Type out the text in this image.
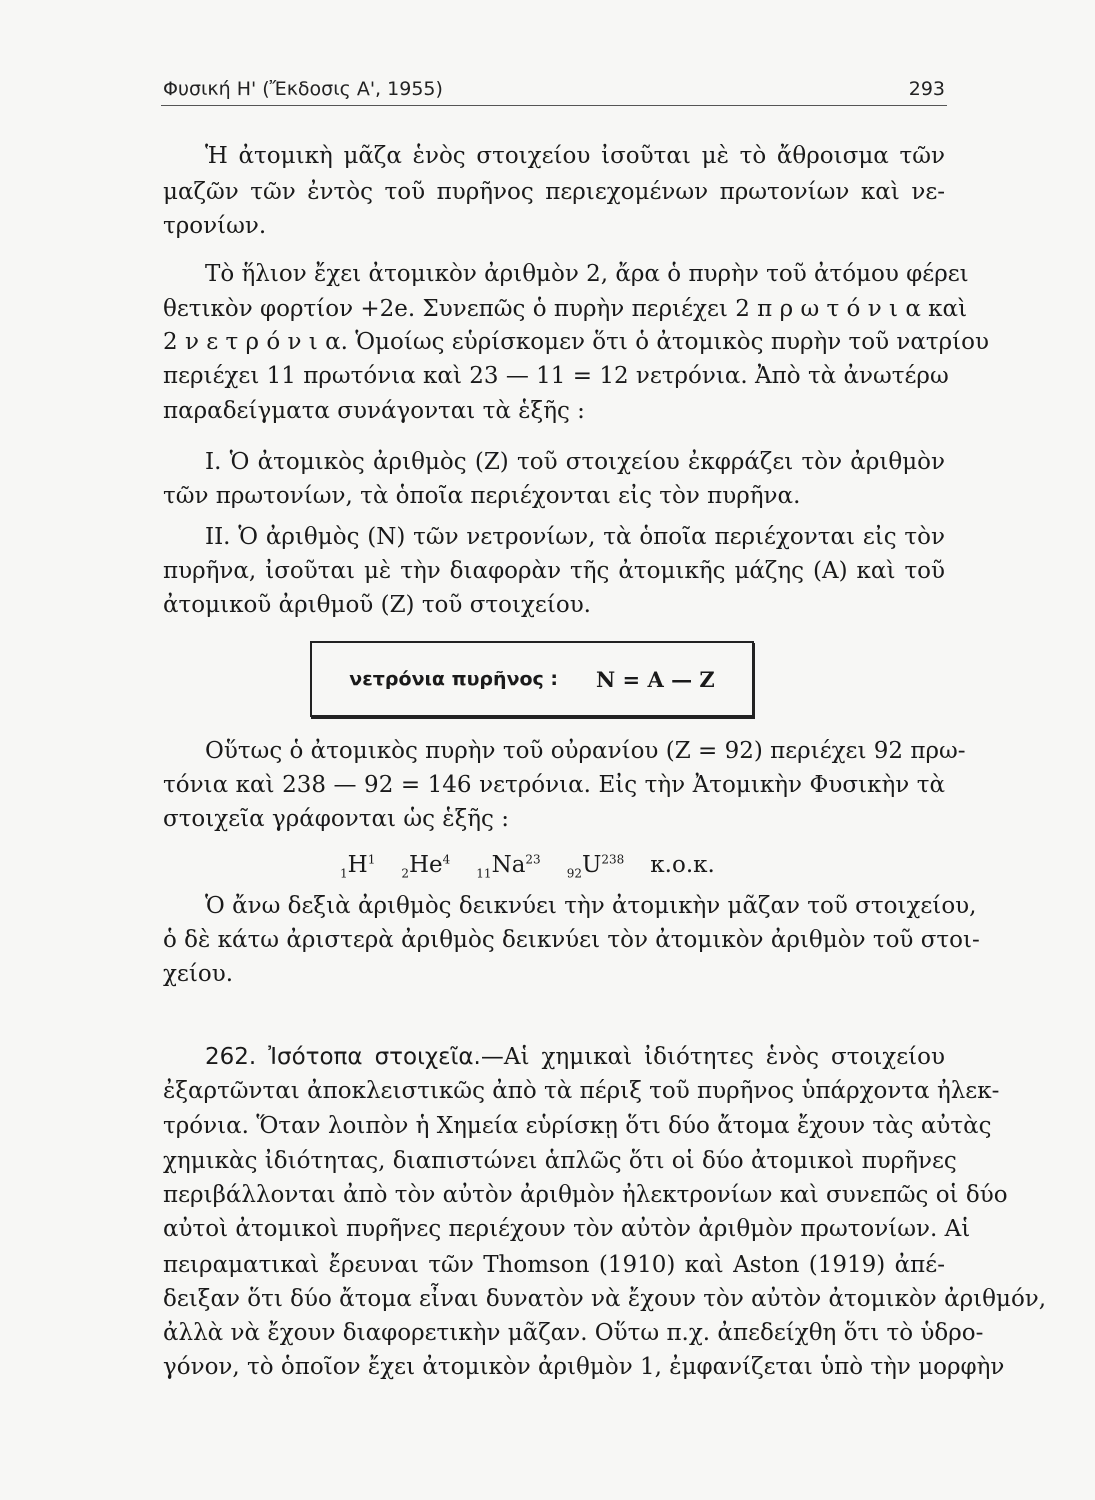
Φυσική Η' (Ἔκδοσις Α', 1955)	293
Ἡ ἀτομικὴ μᾶζα ἑνὸς στοιχείου ἰσοῦται μὲ τὸ ἄθροισμα τῶν
μαζῶν τῶν ἐντὸς τοῦ πυρῆνος περιεχομένων πρωτονίων καὶ νε-
τρονίων.
Τὸ ἥλιον ἔχει ἀτομικὸν ἀριθμὸν 2, ἄρα ὁ πυρὴν τοῦ ἀτόμου φέρει
θετικὸν φορτίον +2e. Συνεπῶς ὁ πυρὴν περιέχει 2 π ρ ω τ ό ν ι α καὶ
2 ν ε τ ρ ό ν ι α. Ὁμοίως εὑρίσκομεν ὅτι ὁ ἀτομικὸς πυρὴν τοῦ νατρίου
περιέχει 11 πρωτόνια καὶ 23 — 11 = 12 νετρόνια. Ἀπὸ τὰ ἀνωτέρω
παραδείγματα συνάγονται τὰ ἑξῆς :
I. Ὁ ἀτομικὸς ἀριθμὸς (Z) τοῦ στοιχείου ἐκφράζει τὸν ἀριθμὸν
τῶν πρωτονίων, τὰ ὁποῖα περιέχονται εἰς τὸν πυρῆνα.
II. Ὁ ἀριθμὸς (N) τῶν νετρονίων, τὰ ὁποῖα περιέχονται εἰς τὸν
πυρῆνα, ἰσοῦται μὲ τὴν διαφορὰν τῆς ἀτομικῆς μάζης (A) καὶ τοῦ
ἀτομικοῦ ἀριθμοῦ (Z) τοῦ στοιχείου.
Οὕτως ὁ ἀτομικὸς πυρὴν τοῦ οὐρανίου (Z = 92) περιέχει 92 πρω-
τόνια καὶ 238 — 92 = 146 νετρόνια. Εἰς τὴν Ἀτομικὴν Φυσικὴν τὰ
στοιχεῖα γράφονται ὡς ἑξῆς :
Ὁ ἄνω δεξιὰ ἀριθμὸς δεικνύει τὴν ἀτομικὴν μᾶζαν τοῦ στοιχείου,
ὁ δὲ κάτω ἀριστερὰ ἀριθμὸς δεικνύει τὸν ἀτομικὸν ἀριθμὸν τοῦ στοι-
χείου.
262. Ἰσότοπα στοιχεῖα.—Αἱ χημικαὶ ἰδιότητες ἑνὸς στοιχείου
ἐξαρτῶνται ἀποκλειστικῶς ἀπὸ τὰ πέριξ τοῦ πυρῆνος ὑπάρχοντα ἠλεκ-
τρόνια. Ὅταν λοιπὸν ἡ Χημεία εὑρίσκῃ ὅτι δύο ἄτομα ἔχουν τὰς αὐτὰς
χημικὰς ἰδιότητας, διαπιστώνει ἁπλῶς ὅτι οἱ δύο ἀτομικοὶ πυρῆνες
περιβάλλονται ἀπὸ τὸν αὐτὸν ἀριθμὸν ἠλεκτρονίων καὶ συνεπῶς οἱ δύο
αὐτοὶ ἀτομικοὶ πυρῆνες περιέχουν τὸν αὐτὸν ἀριθμὸν πρωτονίων. Αἱ
πειραματικαὶ ἔρευναι τῶν Thomson (1910) καὶ Aston (1919) ἀπέ-
δειξαν ὅτι δύο ἄτομα εἶναι δυνατὸν νὰ ἔχουν τὸν αὐτὸν ἀτομικὸν ἀριθμόν,
ἀλλὰ νὰ ἔχουν διαφορετικὴν μᾶζαν. Οὕτω π.χ. ἀπεδείχθη ὅτι τὸ ὑδρο-
γόνον, τὸ ὁποῖον ἔχει ἀτομικὸν ἀριθμὸν 1, ἐμφανίζεται ὑπὸ τὴν μορφὴν
νετρόνια πυρῆνος : N = A — Z
$_1H^1$
$_2He^4$
$_{11}Na^{23}$
$_{92}U^{238}$ κ.ο.κ.
